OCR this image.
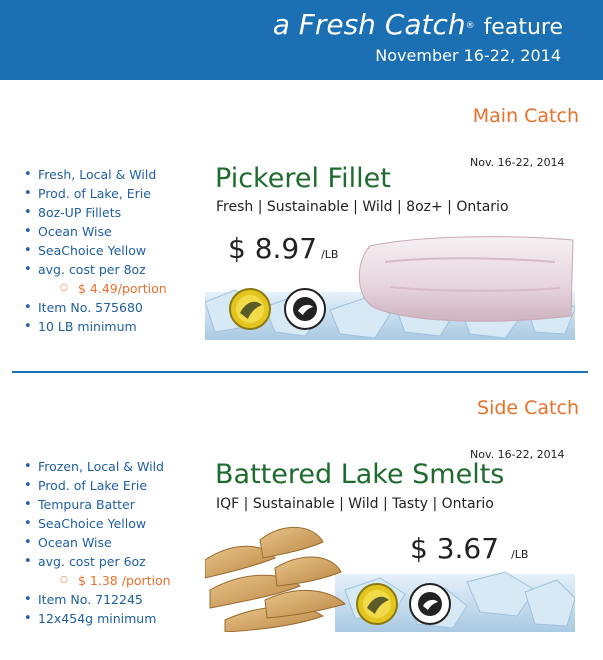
a Fresh Catch® feature
November 16-22, 2014
Main Catch
Nov. 16-22, 2014
• Fresh, Local & Wild
• Prod. of Lake, Erie
• 8oz-UP Fillets
• Ocean Wise
• SeaChoice Yellow
• avg. cost per 8oz
○ $ 4.49/portion
• Item No. 575680
• 10 LB minimum
Pickerel Fillet
Fresh | Sustainable | Wild | 8oz+ | Ontario
$ 8.97 /LB
Side Catch
Nov. 16-22, 2014
• Frozen, Local & Wild
• Prod. of Lake Erie
• Tempura Batter
• SeaChoice Yellow
• Ocean Wise
• avg. cost per 6oz
○ $ 1.38 /portion
• Item No. 712245
• 12x454g minimum
Battered Lake Smelts
IQF | Sustainable | Wild | Tasty | Ontario
$ 3.67 /LB
